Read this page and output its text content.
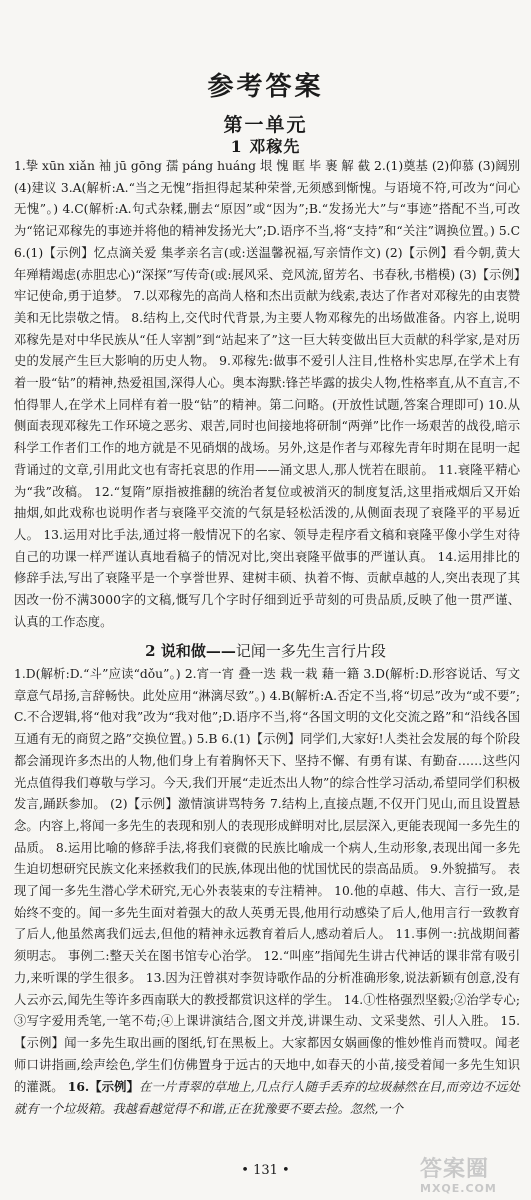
参考答案
第一单元
1 邓稼先
1.挚 xūn xiǎn 袖 jū gōng 孺 páng huáng 垠 愧 眶 毕 裹 解 截 2.(1)奠基 (2)仰慕 (3)阔别 (4)建议 3.A(解析:A.“当之无愧”指担得起某种荣誉,无须感到惭愧。与语境不符,可改为“问心无愧”。) 4.C(解析:A.句式杂糅,删去“原因”或“因为”;B.“发扬光大”与“事迹”搭配不当,可改为“铭记邓稼先的事迹并将他的精神发扬光大”;D.语序不当,将“支持”和“关注”调换位置。) 5.C 6.(1)【示例】忆点滴关爱 集孝亲名言(或:送温馨祝福,写亲情作文) (2)【示例】看今朝,黄大年殚精竭虑(赤胆忠心)“深探”写传奇(或:展风采、竞风流,留芳名、书春秋,书楷模) (3)【示例】牢记使命,勇于追梦。 7.以邓稼先的高尚人格和杰出贡献为线索,表达了作者对邓稼先的由衷赞美和无比崇敬之情。 8.结构上,交代时代背景,为主要人物邓稼先的出场做准备。内容上,说明邓稼先是对中华民族从“任人宰割”到“站起来了”这一巨大转变做出巨大贡献的科学家,是对历史的发展产生巨大影响的历史人物。 9.邓稼先:做事不爱引人注目,性格朴实忠厚,在学术上有着一股“钻”的精神,热爱祖国,深得人心。奥本海默:锋芒毕露的拔尖人物,性格率直,从不直言,不怕得罪人,在学术上同样有着一股“钻”的精神。第二问略。(开放性试题,答案合理即可) 10.从侧面表现邓稼先工作环境之恶劣、艰苦,同时也间接地将研制“两弹”比作一场艰苦的战役,暗示科学工作者们工作的地方就是不见硝烟的战场。另外,这是作者与邓稼先青年时期在昆明一起背诵过的文章,引用此文也有寄托哀思的作用——涌文思人,那人恍若在眼前。 11.衰隆平精心为“我”改稿。 12.“复隋”原指被推翻的统治者复位或被消灭的制度复活,这里指戒烟后又开始抽烟,如此戏称也说明作者与衰隆平交流的气氛是轻松活泼的,从侧面表现了衰隆平的平易近人。 13.运用对比手法,通过将一般情况下的名家、领导走程序看文稿和衰隆平像小学生对待自己的功课一样严谨认真地看稿子的情况对比,突出衰隆平做事的严谨认真。 14.运用排比的修辞手法,写出了衰隆平是一个享誉世界、建树丰硕、执着不悔、贡献卓越的人,突出表现了其因改一份不满3000字的文稿,慨写几个字时仔细到近乎苛刻的可贵品质,反映了他一贯严谨、认真的工作态度。
2 说和做——记闻一多先生言行片段
1.D(解析:D.“斗”应读“dǒu”。) 2.宵一宵 叠一迭 栽一栽 藉一籍 3.D(解析:D.形容说话、写文章意气昂扬,言辞畅快。此处应用“淋漓尽致”。) 4.B(解析:A.否定不当,将“切忌”改为“或不要”;C.不合逻辑,将“他对我”改为“我对他”;D.语序不当,将“各国文明的文化交流之路”和“沿线各国互通有无的商贸之路”交换位置。) 5.B 6.(1)【示例】同学们,大家好!人类社会发展的每个阶段都会涌现许多杰出的人物,他们身上有着胸怀天下、坚持不懈、有勇有谋、有勤奋……这些闪光点值得我们尊敬与学习。今天,我们开展“走近杰出人物”的综合性学习活动,希望同学们积极发言,踊跃参加。 (2)【示例】激情演讲骂特务 7.结构上,直接点题,不仅开门见山,而且设置悬念。内容上,将闻一多先生的表现和别人的表现形成鲜明对比,层层深入,更能表现闻一多先生的品质。 8.运用比喻的修辞手法,将我们衰微的民族比喻成一个病人,生动形象,表现出闻一多先生迫切想研究民族文化来拯救我们的民族,体现出他的忧国忧民的崇高品质。 9.外貌描写。 表现了闻一多先生潜心学术研究,无心外表装束的专注精神。 10.他的卓越、伟大、言行一致,是始终不变的。闻一多先生面对着强大的敌人英勇无畏,他用行动感染了后人,他用言行一致教育了后人,他虽然离我们远去,但他的精神永远教育着后人,感动着后人。 11.事例一:抗战期间蓄须明志。 事例二:整天关在图书馆专心治学。 12.“叫座”指闻先生讲古代神话的课非常有吸引力,来听课的学生很多。 13.因为汪曾祺对李贺诗歌作品的分析准确形象,说法新颖有创意,没有人云亦云,闻先生等许多西南联大的教授都赏识这样的学生。 14.①性格强烈坚毅;②治学专心;③写字爱用秃笔,一笔不苟;④上课讲演结合,图文并茂,讲课生动、文采斐然、引人入胜。 15.【示例】闻一多先生取出画的图纸,钉在黑板上。大家都因女娲画像的惟妙惟肖而赞叹。闻老师口讲指画,绘声绘色,学生们仿佛置身于远古的天地中,如春天的小苗,接受着闻一多先生知识的灌溉。 16.【示例】在一片青翠的草地上,几点行人随手丢弃的垃圾赫然在目,而旁边不远处就有一个垃圾箱。我越看越觉得不和谐,正在犹豫要不要去捡。忽然,一个
• 131 •	答案圈
MXQE.COM
